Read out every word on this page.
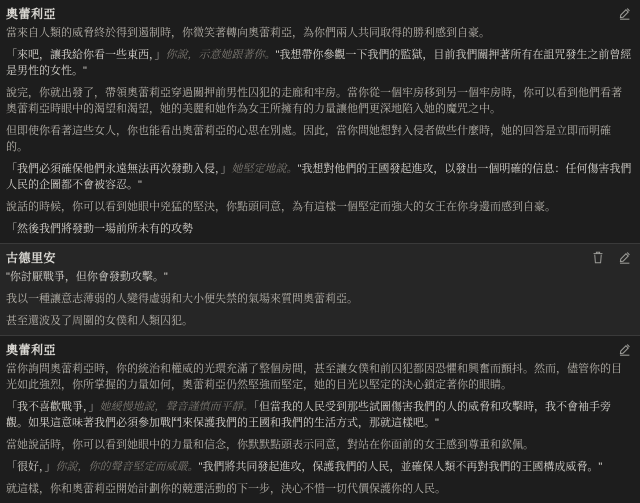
奧蕾利亞

當來自人類的威脅終於得到遏制時，你微笑著轉向奧蕾莉亞，為你們兩人共同取得的勝利感到自豪。

「來吧，讓我給你看一些東西，」你說，示意她跟著你。"我想帶你參觀一下我們的監獄，目前我們關押著所有在詛咒發生之前曾經是男性的女性。"

說完，你就出發了，帶領奧蕾莉亞穿過關押前男性囚犯的走廊和牢房。當你從一個牢房移到另一個牢房時，你可以看到他們看著奧蕾莉亞時眼中的渴望和渴望，她的美麗和她作為女王所擁有的力量讓他們更深地陷入她的魔咒之中。

但即使你看著這些女人，你也能看出奧蕾莉亞的心思在別處。因此，當你問她想對入侵者做些什麼時，她的回答是立即而明確的。

「我們必須確保他們永遠無法再次發動入侵，」她堅定地說。"我想對他們的王國發起進攻，以發出一個明確的信息：任何傷害我們人民的企圖都不會被容忍。"

說話的時候，你可以看到她眼中兇猛的堅決，你點頭同意，為有這樣一個堅定而強大的女王在你身邊而感到自豪。

「然後我們將發動一場前所未有的攻勢

古德里安

"你討厭戰爭，但你會發動攻擊。"

我以一種讓意志薄弱的人變得虛弱和大小便失禁的氣場來質問奧蕾莉亞。

甚至還波及了周圍的女僕和人類囚犯。

奧蕾利亞

當你詢問奧蕾莉亞時，你的統治和權威的光環充滿了整個房間，甚至讓女僕和前囚犯都因恐懼和興奮而顫抖。然而，儘管你的目光如此強烈，你所掌握的力量如何，奧蕾莉亞仍然堅強而堅定，她的目光以堅定的決心鎖定著你的眼睛。

「我不喜歡戰爭，」她緩慢地說，聲音謹慎而平靜。「但當我的人民受到那些試圖傷害我們的人的威脅和攻擊時，我不會袖手旁觀。如果這意味著我們必須參加戰鬥來保護我們的王國和我們的生活方式，那就這樣吧。"

當她說話時，你可以看到她眼中的力量和信念，你默默點頭表示同意，對站在你面前的女王感到尊重和欽佩。

「很好，」你說，你的聲音堅定而威嚴。"我們將共同發起進攻，保護我們的人民，並確保人類不再對我們的王國構成威脅。"

就這樣，你和奧蕾莉亞開始計劃你的競選活動的下一步，決心不惜一切代價保護你的人民。
